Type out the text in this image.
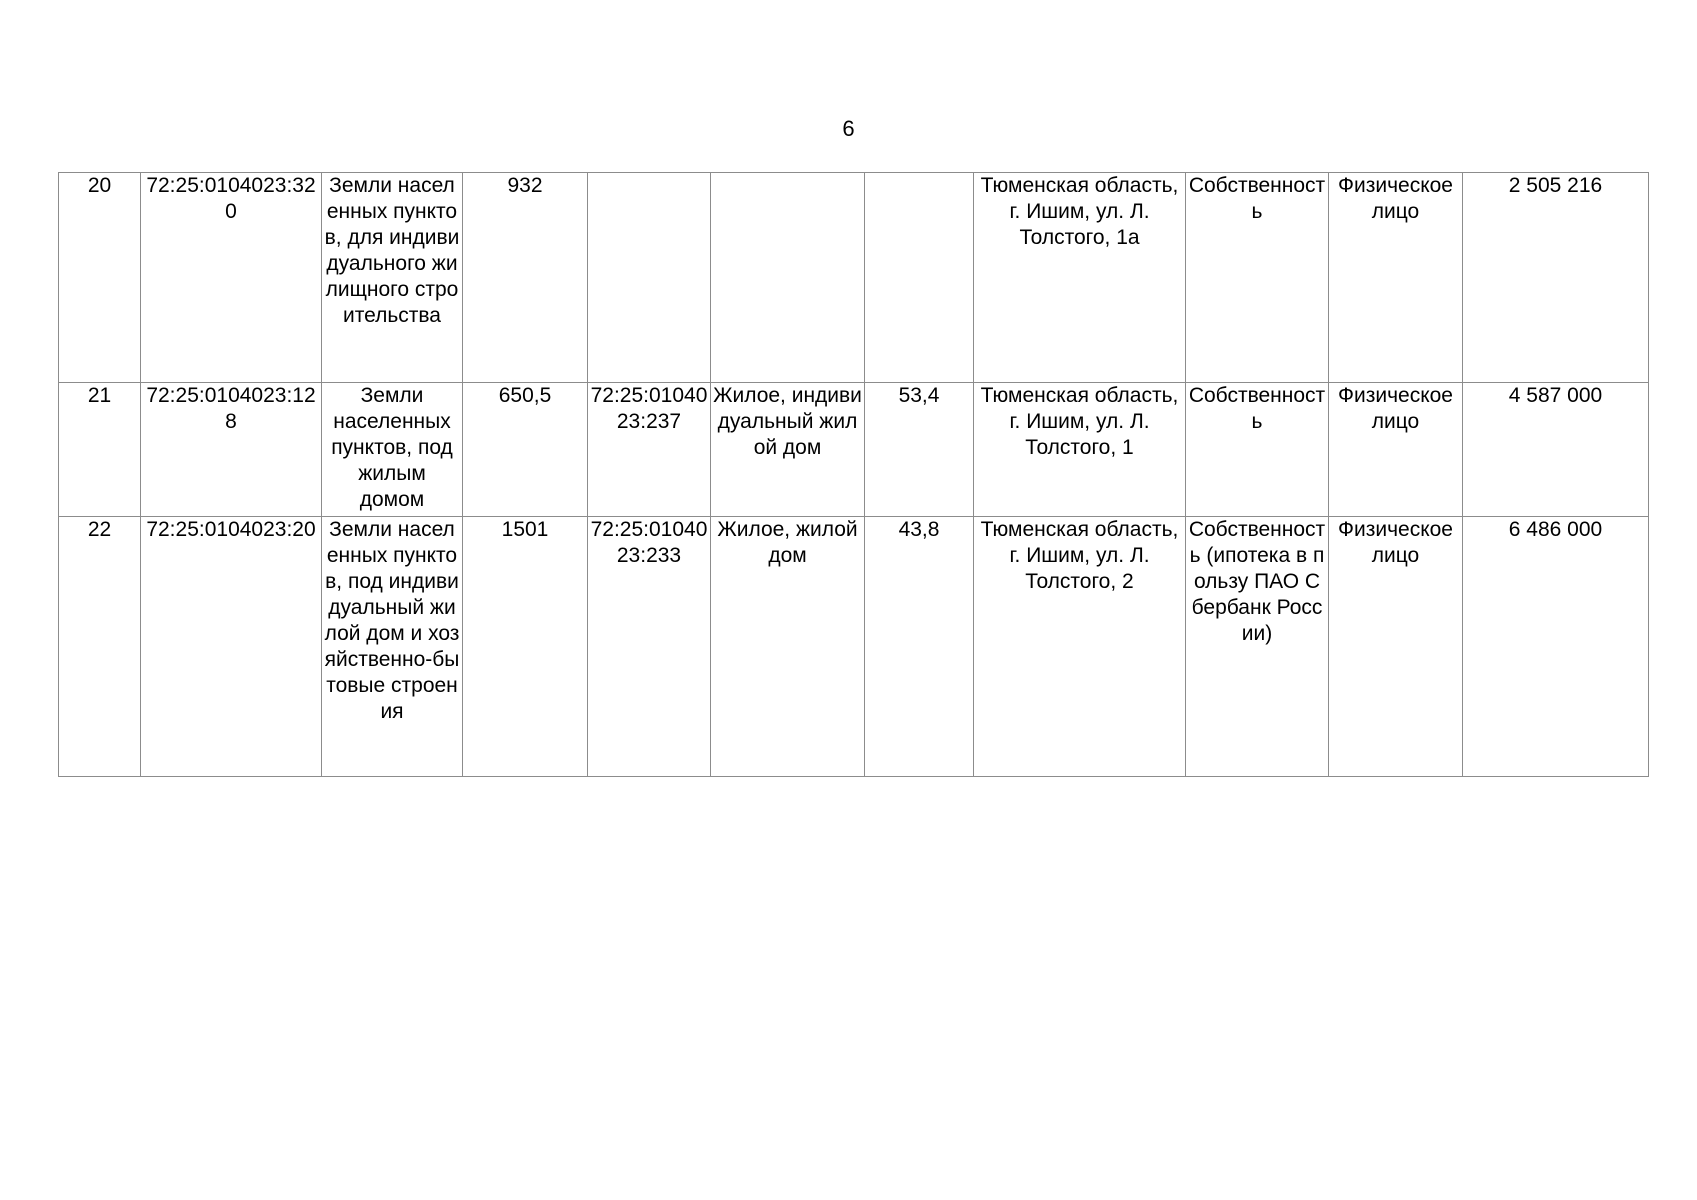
6
20	72:25:0104023:320	Земли населенных пунктов, для индивидуального жилищного строительства	932				Тюменская область, г. Ишим, ул. Л. Толстого, 1а	Собственность	Физическое лицо	2 505 216
21	72:25:0104023:128	Земли населенных пунктов, под жилым домом	650,5	72:25:0104023:237	Жилое, индивидуальный жилой дом	53,4	Тюменская область, г. Ишим, ул. Л. Толстого, 1	Собственность	Физическое лицо	4 587 000
22	72:25:0104023:20	Земли населенных пунктов, под индивидуальный жилой дом и хозяйственно-бытовые строения	1501	72:25:0104023:233	Жилое, жилой дом	43,8	Тюменская область, г. Ишим, ул. Л. Толстого, 2	Собственность (ипотека в пользу ПАО Сбербанк России)	Физическое лицо	6 486 000
